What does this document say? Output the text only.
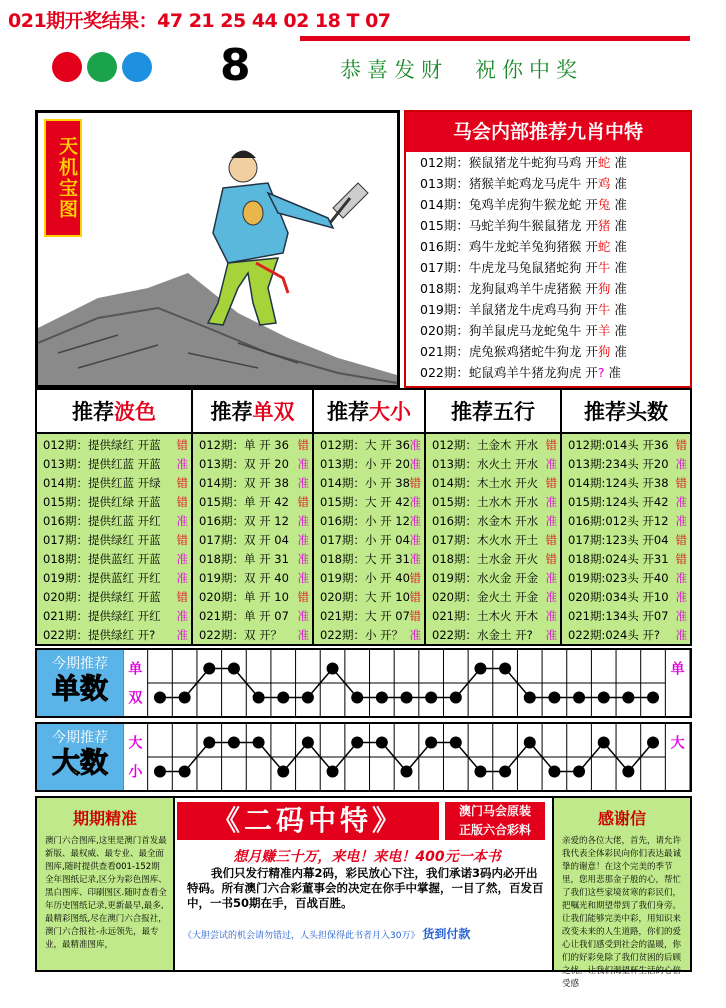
021期开奖结果：47 21 25 44 02 18 T 07
8	恭喜发财　祝你中奖
天机宝图
马会内部推荐九肖中特
012期：猴鼠猪龙牛蛇狗马鸡 开蛇 准
013期：猪猴羊蛇鸡龙马虎牛 开鸡 准
014期：兔鸡羊虎狗牛猴龙蛇 开兔 准
015期：马蛇羊狗牛猴鼠猪龙 开猪 准
016期：鸡牛龙蛇羊兔狗猪猴 开蛇 准
017期：牛虎龙马兔鼠猪蛇狗 开牛 准
018期：龙狗鼠鸡羊牛虎猪猴 开狗 准
019期：羊鼠猪龙牛虎鸡马狗 开牛 准
020期：狗羊鼠虎马龙蛇兔牛 开羊 准
021期：虎兔猴鸡猪蛇牛狗龙 开狗 准
022期：蛇鼠鸡羊牛猪龙狗虎 开? 准
推荐波色
012期：提供绿红 开蓝 错
013期：提供红蓝 开蓝 准
014期：提供红蓝 开绿 错
015期：提供红绿 开蓝 错
016期：提供红蓝 开红 准
017期：提供绿红 开蓝 错
018期：提供蓝红 开蓝 准
019期：提供蓝红 开红 准
020期：提供绿红 开蓝 错
021期：提供绿红 开红 准
022期：提供绿红 开? 准
推荐单双
012期：单 开 36 错
013期：双 开 20 准
014期：双 开 38 准
015期：单 开 42 错
016期：双 开 12 准
017期：双 开 04 准
018期：单 开 31 准
019期：双 开 40 准
020期：单 开 10 错
021期：单 开 07 准
022期：双 开？ 准
推荐大小
012期：大 开 36 准
013期：小 开 20 准
014期：小 开 38 错
015期：大 开 42 准
016期：小 开 12 准
017期：小 开 04 准
018期：大 开 31 准
019期：小 开 40 错
020期：大 开 10 错
021期：大 开 07 错
022期：小 开？ 准
推荐五行
012期：土金木 开水 错
013期：水火土 开水 准
014期：木土水 开火 错
015期：土水木 开水 准
016期：水金木 开水 准
017期：木火水 开土 错
018期：土水金 开火 错
019期：水火金 开金 准
020期：金火土 开金 准
021期：土木火 开木 准
022期：水金土 开? 准
推荐头数
012期:014头 开36 错
013期:234头 开20 准
014期:124头 开38 错
015期:124头 开42 准
016期:012头 开12 准
017期:123头 开04 错
018期:024头 开31 错
019期:023头 开40 准
020期:034头 开10 准
021期:134头 开07 准
022期:024头 开? 准
今期推荐
单数
单
双
单
今期推荐
大数
大
小
大
期期精准
澳门六合图库,这里是澳门首发最新版、最权威、最专业、最全面图库,随时提供查看001-152期全年图纸记录,区分为彩色图库、黑白图库、印刷图区.随时查看全年历史图纸记录,更新最早,最多,最精彩图纸,尽在澳门六合报社，澳门六合报社-永远领先，最专业，最精准图库，
《二码中特》	澳门马会原装
正版六合彩料
想月赚三十万，来电！来电！400元一本书
我们只发行精准内幕2码，彩民放心下注，我们承诺3码内必开出特码。所有澳门六合彩董事会的决定在你手中掌握，一目了然，百发百中，一书50期在手，百战百胜。
《大胆尝试的机会请勿错过，人头担保得此书者月入30万》 货到付款
感谢信
亲爱的各位大佬，首先，请允许我代表全体彩民向你们表达最诚挚的谢意！在这个完美的季节里，您用悲那金子般的心，帮忙了我们这些家境贫寒的彩民们，把嘱光和期望带到了我们身旁。让我们能够完美中彩，用知识来改变未来的人生道路，你们的爱心让我们感受到社会的温暖，你们的好彩免除了我们贫困的后顾之忧。让我们渴望杯生活的心倍受感
